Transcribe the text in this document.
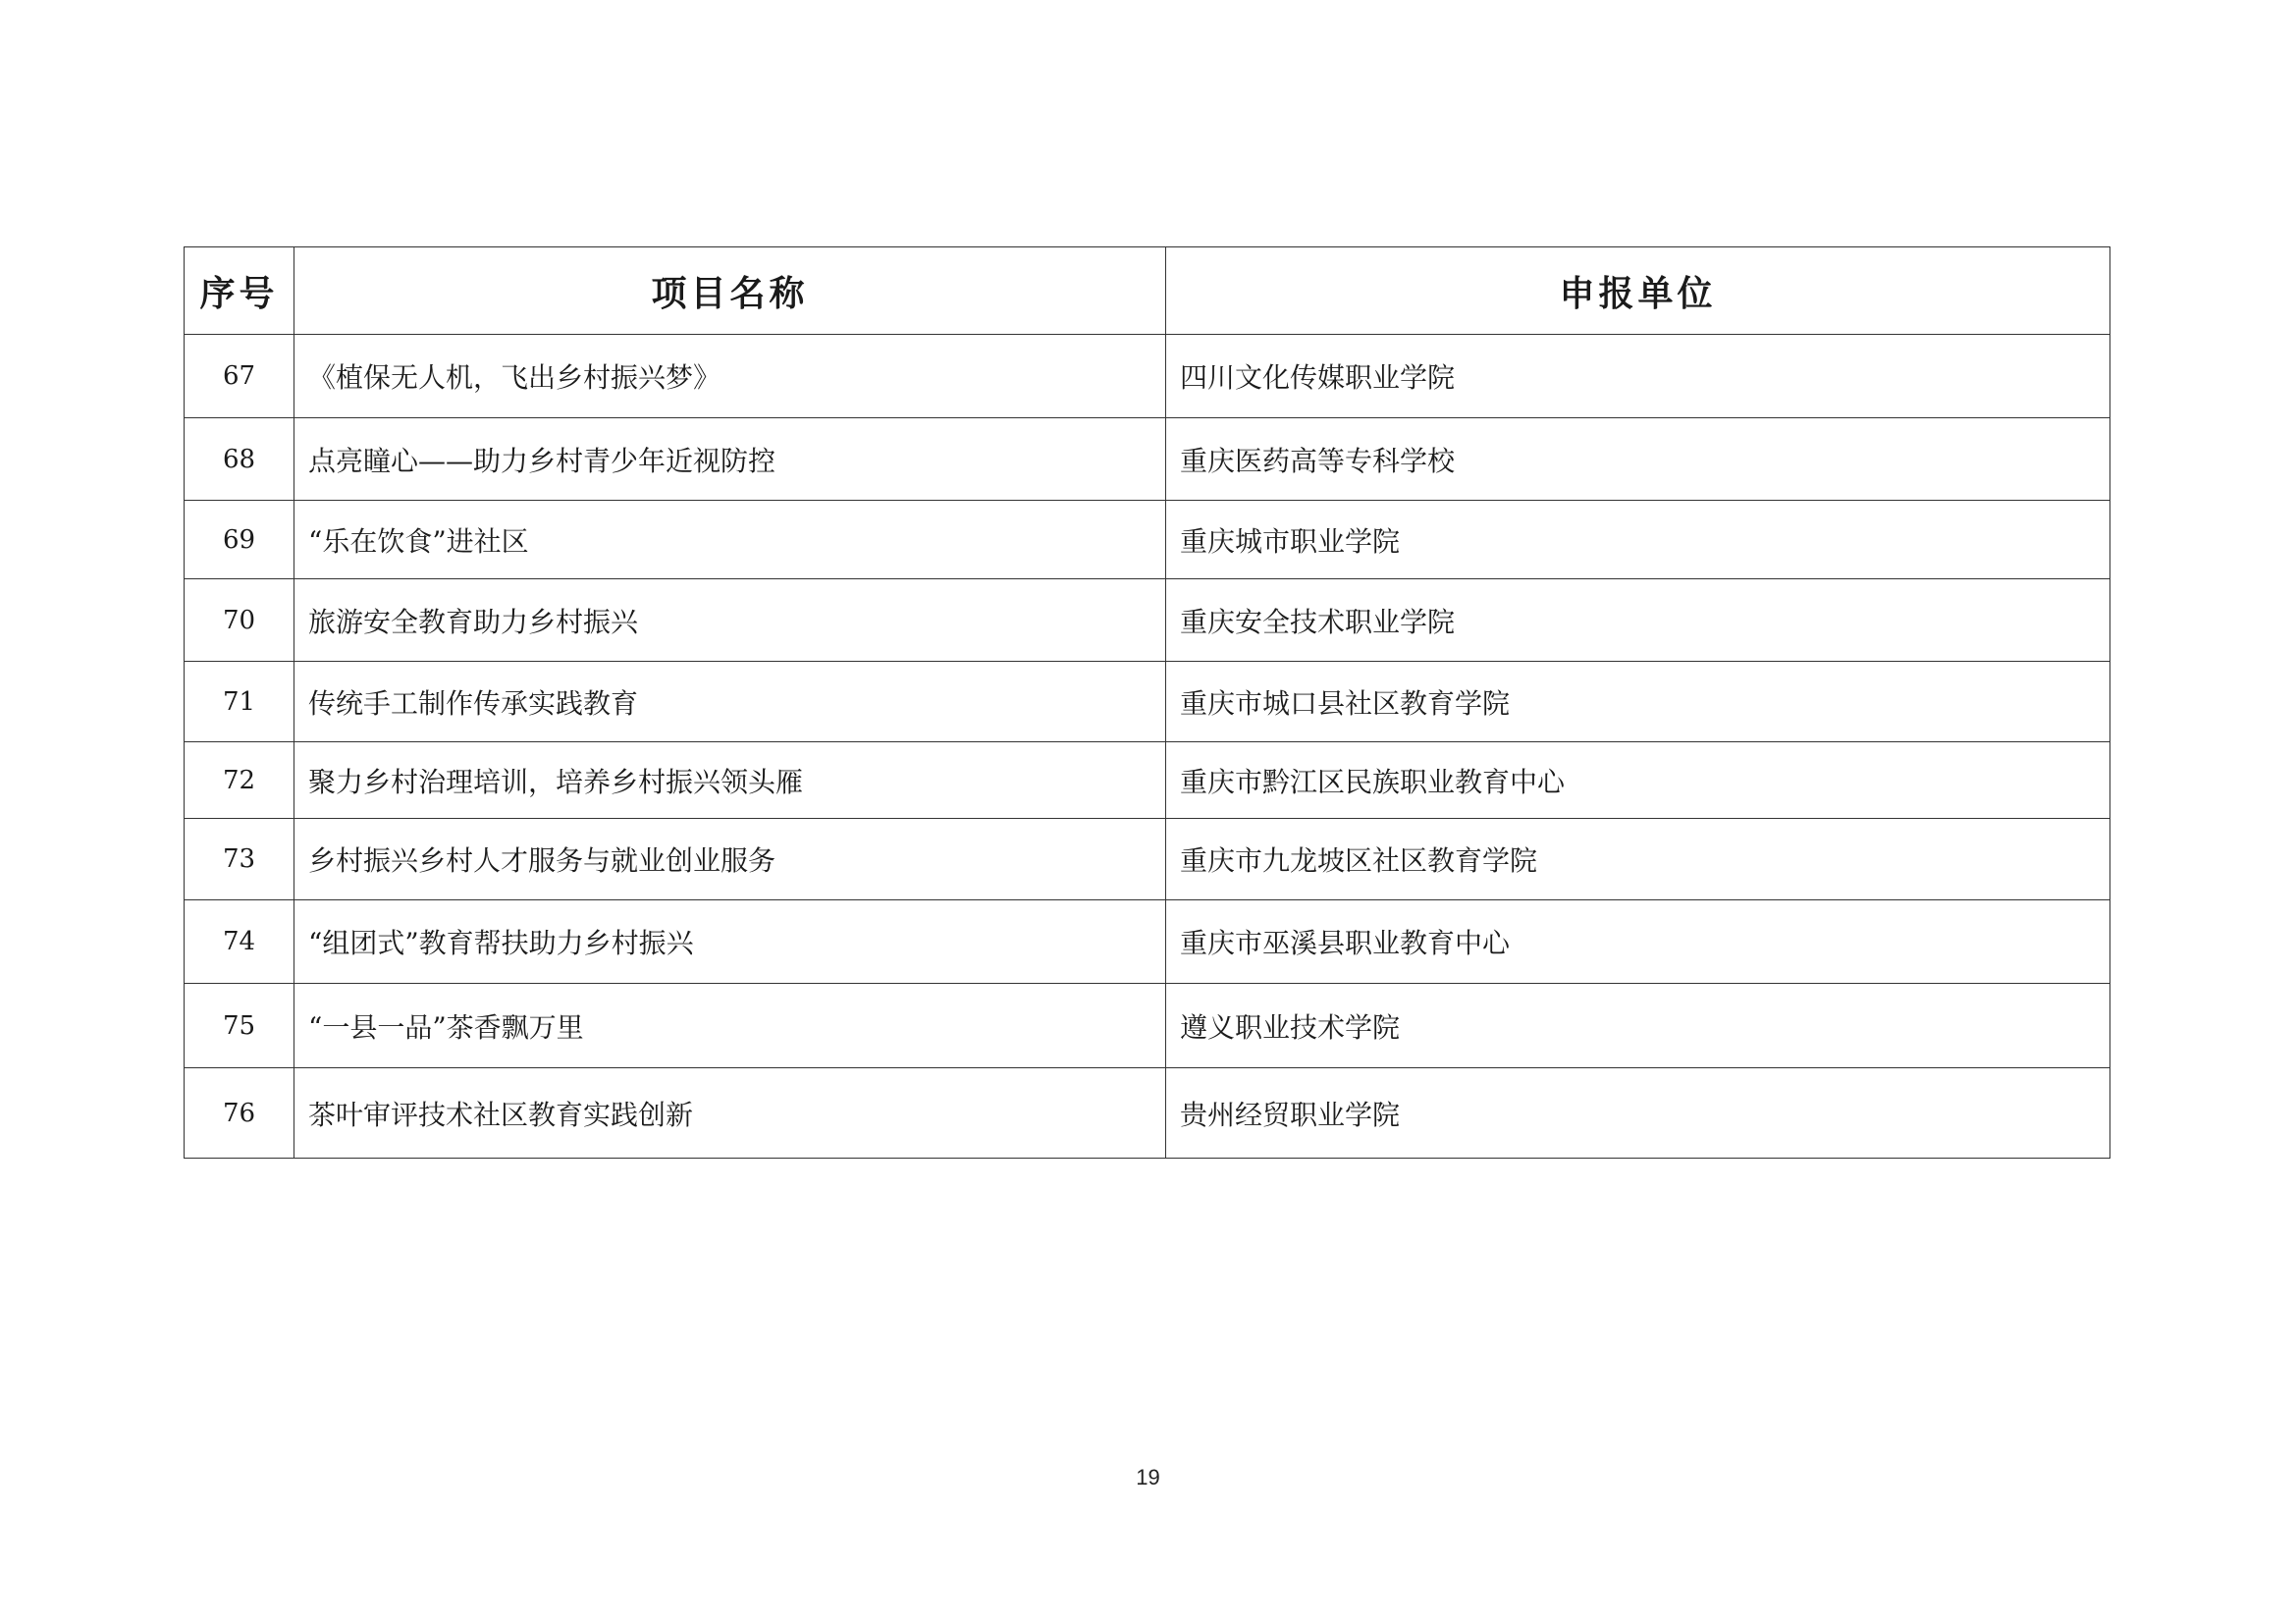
序号	项目名称	申报单位
67	《植保无人机，飞出乡村振兴梦》	四川文化传媒职业学院
68	点亮瞳心——助力乡村青少年近视防控	重庆医药高等专科学校
69	“乐在饮食”进社区	重庆城市职业学院
70	旅游安全教育助力乡村振兴	重庆安全技术职业学院
71	传统手工制作传承实践教育	重庆市城口县社区教育学院
72	聚力乡村治理培训，培养乡村振兴领头雁	重庆市黔江区民族职业教育中心
73	乡村振兴乡村人才服务与就业创业服务	重庆市九龙坡区社区教育学院
74	“组团式”教育帮扶助力乡村振兴	重庆市巫溪县职业教育中心
75	“一县一品”茶香飘万里	遵义职业技术学院
76	茶叶审评技术社区教育实践创新	贵州经贸职业学院
19
